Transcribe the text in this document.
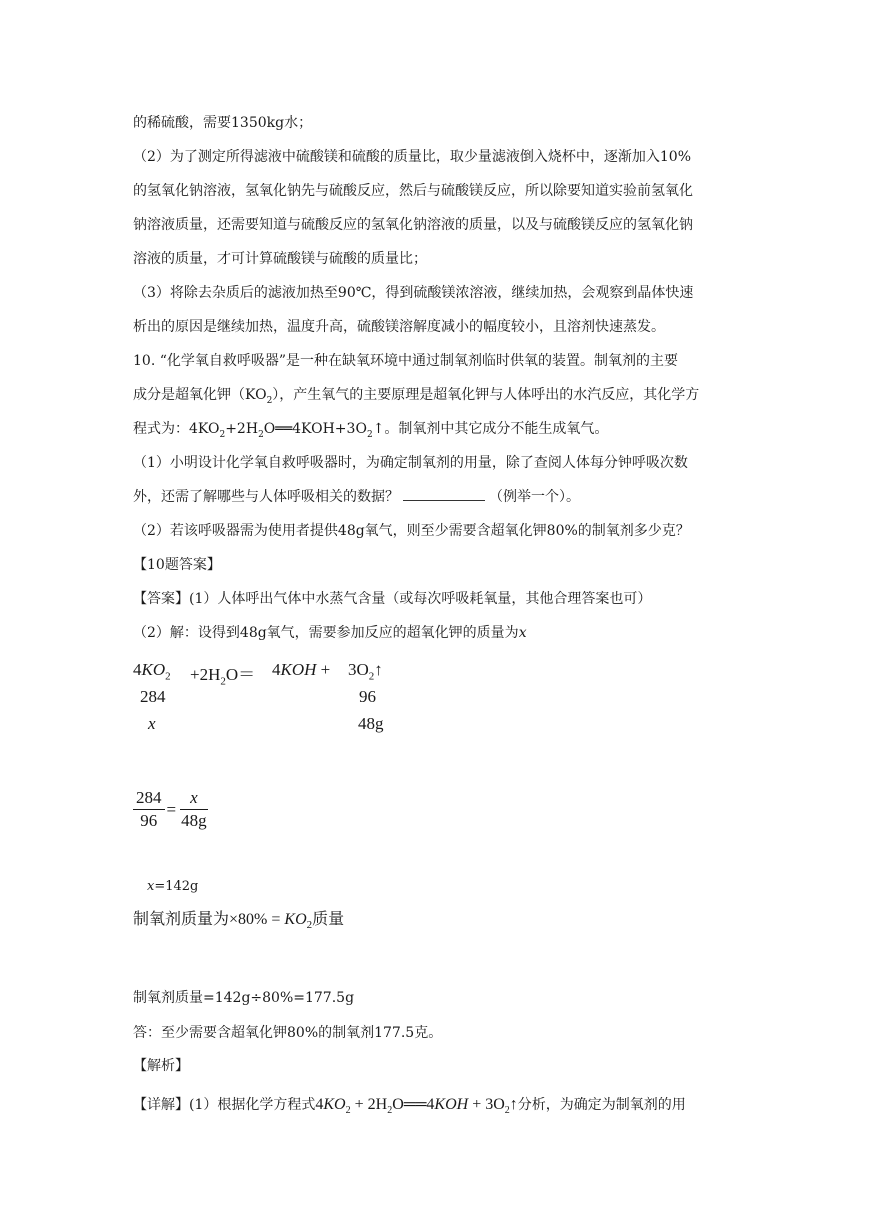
的稀硫酸，需要1350kg水；
（2）为了测定所得滤液中硫酸镁和硫酸的质量比，取少量滤液倒入烧杯中，逐渐加入10%
的氢氧化钠溶液，氢氧化钠先与硫酸反应，然后与硫酸镁反应，所以除要知道实验前氢氧化
钠溶液质量，还需要知道与硫酸反应的氢氧化钠溶液的质量，以及与硫酸镁反应的氢氧化钠
溶液的质量，才可计算硫酸镁与硫酸的质量比；
（3）将除去杂质后的滤液加热至90℃，得到硫酸镁浓溶液，继续加热，会观察到晶体快速
析出的原因是继续加热，温度升高，硫酸镁溶解度减小的幅度较小，且溶剂快速蒸发。
10. “化学氧自救呼吸器”是一种在缺氧环境中通过制氧剂临时供氧的装置。制氧剂的主要
成分是超氧化钾$(KO_2)$，产生氧气的主要原理是超氧化钾与人体呼出的水汽反应，其化学方
程式为：$4KO_2+2H_2O══4KOH+3O_2↑$。制氧剂中其它成分不能生成氧气。
（1）小明设计化学氧自救呼吸器时，为确定制氧剂的用量，除了查阅人体每分钟呼吸次数
外，还需了解哪些与人体呼吸相关的数据？	（例举一个）。
（2）若该呼吸器需为使用者提供48g氧气，则至少需要含超氧化钾80%的制氧剂多少克？
【10题答案】
【答案】(1）人体呼出气体中水蒸气含量（或每次呼吸耗氧量，其他合理答案也可）
（2）解：设得到48g氧气，需要参加反应的超氧化钾的质量为x
$4KO_2 +2H_2O= 4KOH$ + $3O_2↑$
284	96
x	48g
$\frac{284}{96} = \frac{x}{48g}$
x=142g
制氧剂质量为$\times 80\% = KO_2$质量
制氧剂质量=142g÷80%=177.5g
答：至少需要含超氧化钾80%的制氧剂177.5克。
【解析】
【详解】(1）根据化学方程式$4KO_2$ + $2H_2O══4KOH$ + $3O_2↑$分析，为确定为制氧剂的用
